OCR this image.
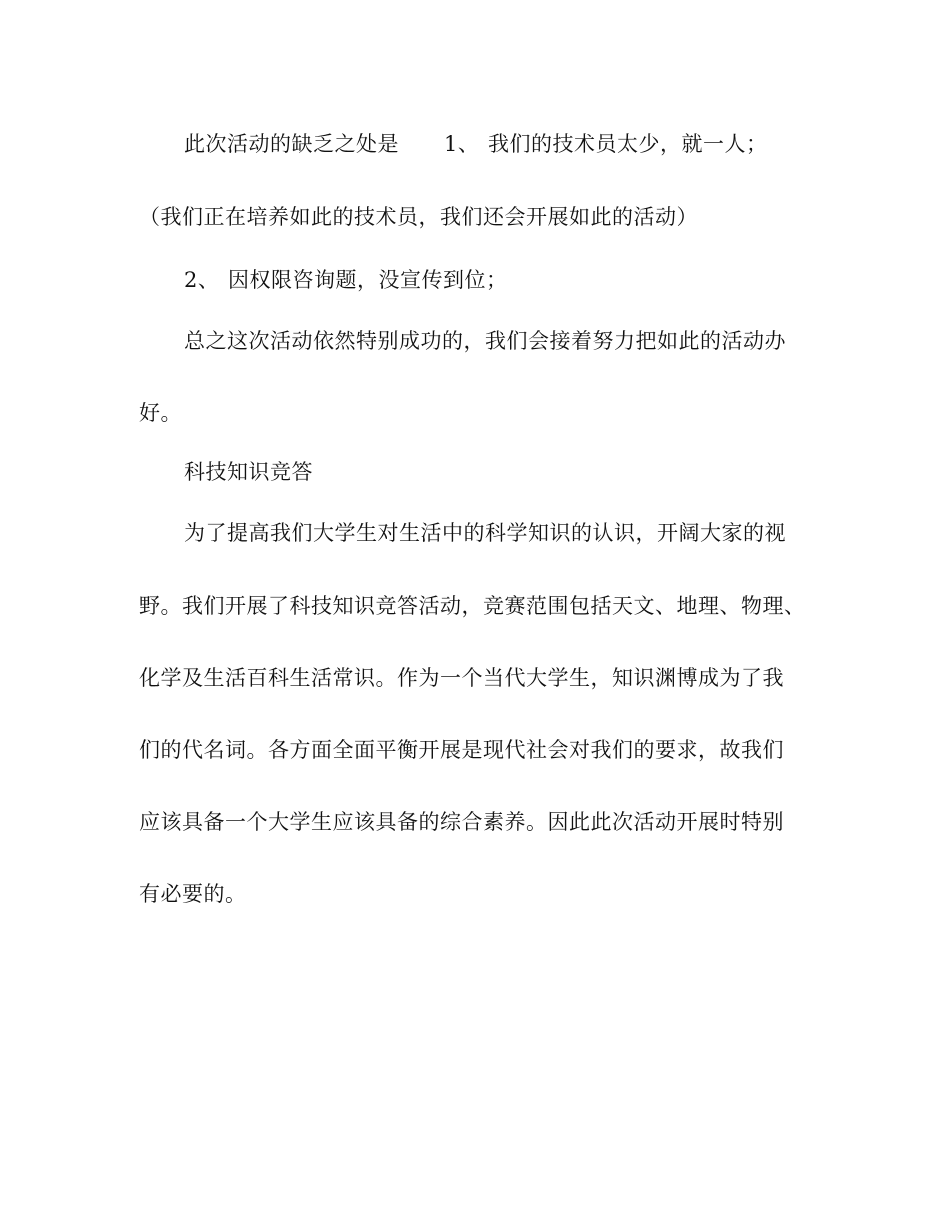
此次活动的缺乏之处是 1、 我们的技术员太少，就一人；
（我们正在培养如此的技术员，我们还会开展如此的活动）
2、 因权限咨询题，没宣传到位；
总之这次活动依然特别成功的，我们会接着努力把如此的活动办
好。
科技知识竞答
为了提高我们大学生对生活中的科学知识的认识，开阔大家的视
野。我们开展了科技知识竞答活动，竞赛范围包括天文、地理、物理、
化学及生活百科生活常识。作为一个当代大学生，知识渊博成为了我
们的代名词。各方面全面平衡开展是现代社会对我们的要求，故我们
应该具备一个大学生应该具备的综合素养。因此此次活动开展时特别
有必要的。
